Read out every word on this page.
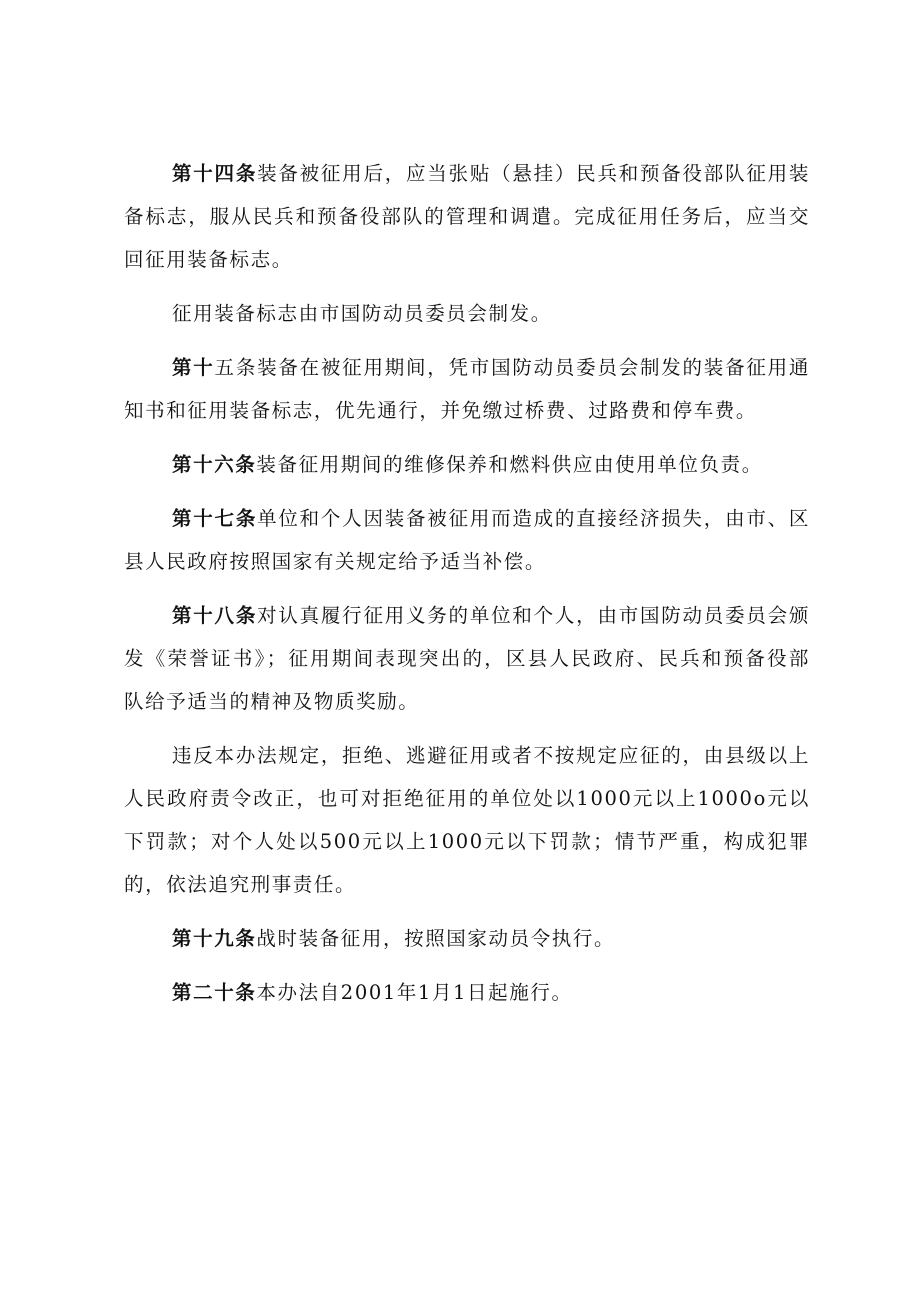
第十四条装备被征用后，应当张贴（悬挂）民兵和预备役部队征用装备标志，服从民兵和预备役部队的管理和调遣。完成征用任务后，应当交回征用装备标志。

征用装备标志由市国防动员委员会制发。

第十五条装备在被征用期间，凭市国防动员委员会制发的装备征用通知书和征用装备标志，优先通行，并免缴过桥费、过路费和停车费。

第十六条装备征用期间的维修保养和燃料供应由使用单位负责。

第十七条单位和个人因装备被征用而造成的直接经济损失，由市、区县人民政府按照国家有关规定给予适当补偿。

第十八条对认真履行征用义务的单位和个人，由市国防动员委员会颁发《荣誉证书》；征用期间表现突出的，区县人民政府、民兵和预备役部队给予适当的精神及物质奖励。

违反本办法规定，拒绝、逃避征用或者不按规定应征的，由县级以上人民政府责令改正，也可对拒绝征用的单位处以1000元以上1000o元以下罚款；对个人处以500元以上1000元以下罚款；情节严重，构成犯罪的，依法追究刑事责任。

第十九条战时装备征用，按照国家动员令执行。

第二十条本办法自2001年1月1日起施行。
